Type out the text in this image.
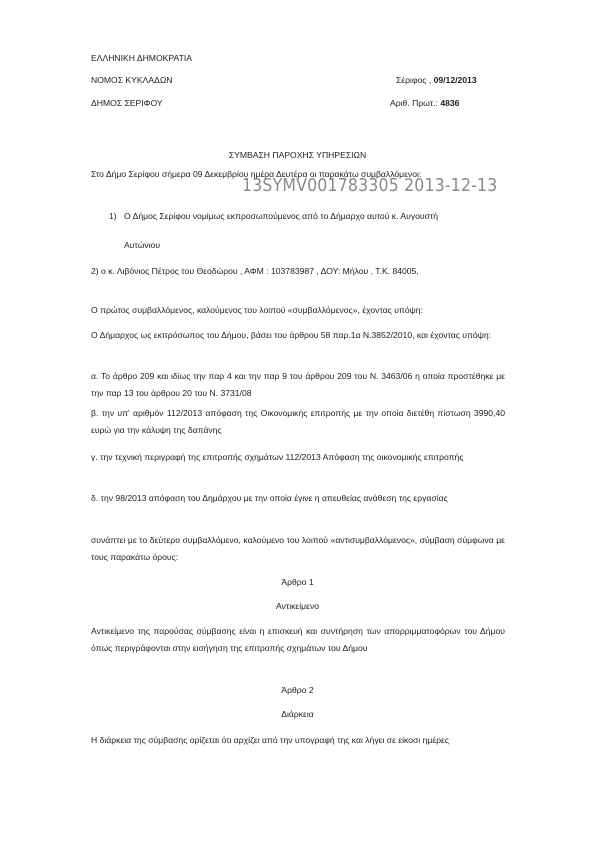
ΕΛΛΗΝΙΚΗ ΔΗΜΟΚΡΑΤΙΑ
ΝΟΜΟΣ ΚΥΚΛΑΔΩΝ
ΔΗΜΟΣ ΣΕΡΙΦΟΥ
Σέριφος , 09/12/2013
Αριθ. Πρωτ.: 4836
ΣΥΜΒΑΣΗ ΠΑΡΟΧΗΣ ΥΠΗΡΕΣΙΩΝ
Στο Δήμο Σερίφου σήμερα 09 Δεκεμβρίου ημέρα Δευτέρα οι παρακάτω συμβαλλόμενοι:
13SYMV001783305 2013-12-13
1) Ο Δήμος Σερίφου νομίμως εκπροσωπούμενος από το Δήμαρχο αυτού κ. Αυγουστή
Αυτώνιου
2) ο κ. Λιβόνιος Πέτρος του Θεοδώρου , ΑΦΜ : 103783987 , ΔΟΥ: Μήλου , Τ.Κ. 84005,
Ο πρώτος συμβαλλόμενος, καλούμενος του λοιπού «συμβαλλόμενος», έχοντας υπόψη:
Ο Δήμαρχος ως εκπρόσωπος του Δήμου, βάσει του άρθρου 58 παρ.1α Ν.3852/2010, και έχοντας υπόψη:
α. Το άρθρο 209 και ιδίως την παρ 4 και την παρ 9 του άρθρου 209 του Ν. 3463/06 η οποία προστέθηκε με την παρ 13 του άρθρου 20 του Ν. 3731/08
β. την υπ' αριθμόν 112/2013 απόφαση της Οικονομικής επιτροπής με την οποία διετέθη πίστωση 3990,40 ευρώ για την κάλυψη της δαπάνης
γ. την τεχνική περιγραφή της επιτροπής σχημάτων 112/2013 Απόφαση της οικονομικής επιτροπής
δ. την 98/2013 απόφαση του Δημάρχου με την οποία έγινε η απευθείας ανάθεση της εργασίας
συνάπτει με το δεύτερο συμβαλλόμενο, καλούμενο του λοιπού «αντισυμβαλλόμενος», σύμβαση σύμφωνα με τους παρακάτω όρους:
Άρθρο 1
Αντικείμενο
Αντικείμενο της παρούσας σύμβασης είναι η επισκευή και συντήρηση των απορριμματοφόρων του Δήμου όπως περιγράφονται στην εισήγηση της επιτροπής σχημάτων του Δήμου
Άρθρο 2
Διάρκεια
Η διάρκεια της σύμβασης ορίζεται ότι αρχίζει από την υπογραφή της και λήγει σε είκοσι ημέρες
